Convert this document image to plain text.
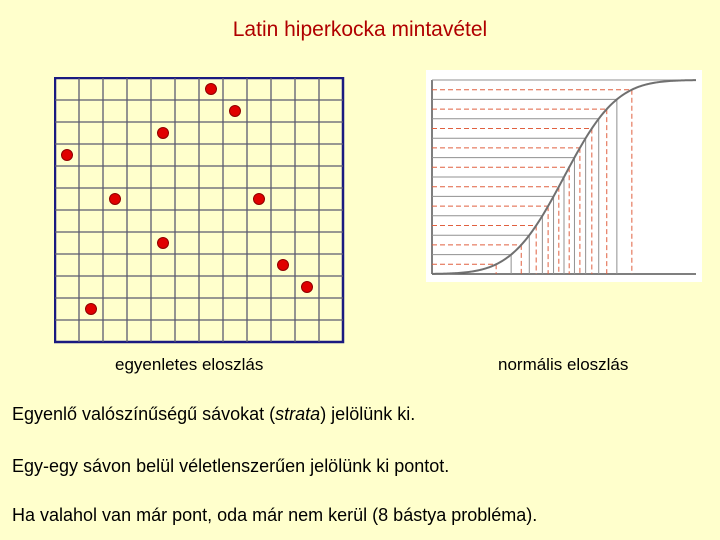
Latin hiperkocka mintavétel
egyenletes eloszlás	normális eloszlás
Egyenlő valószínűségű sávokat (strata) jelölünk ki.
Egy-egy sávon belül véletlenszerűen jelölünk ki pontot.
Ha valahol van már pont, oda már nem kerül (8 bástya probléma).
